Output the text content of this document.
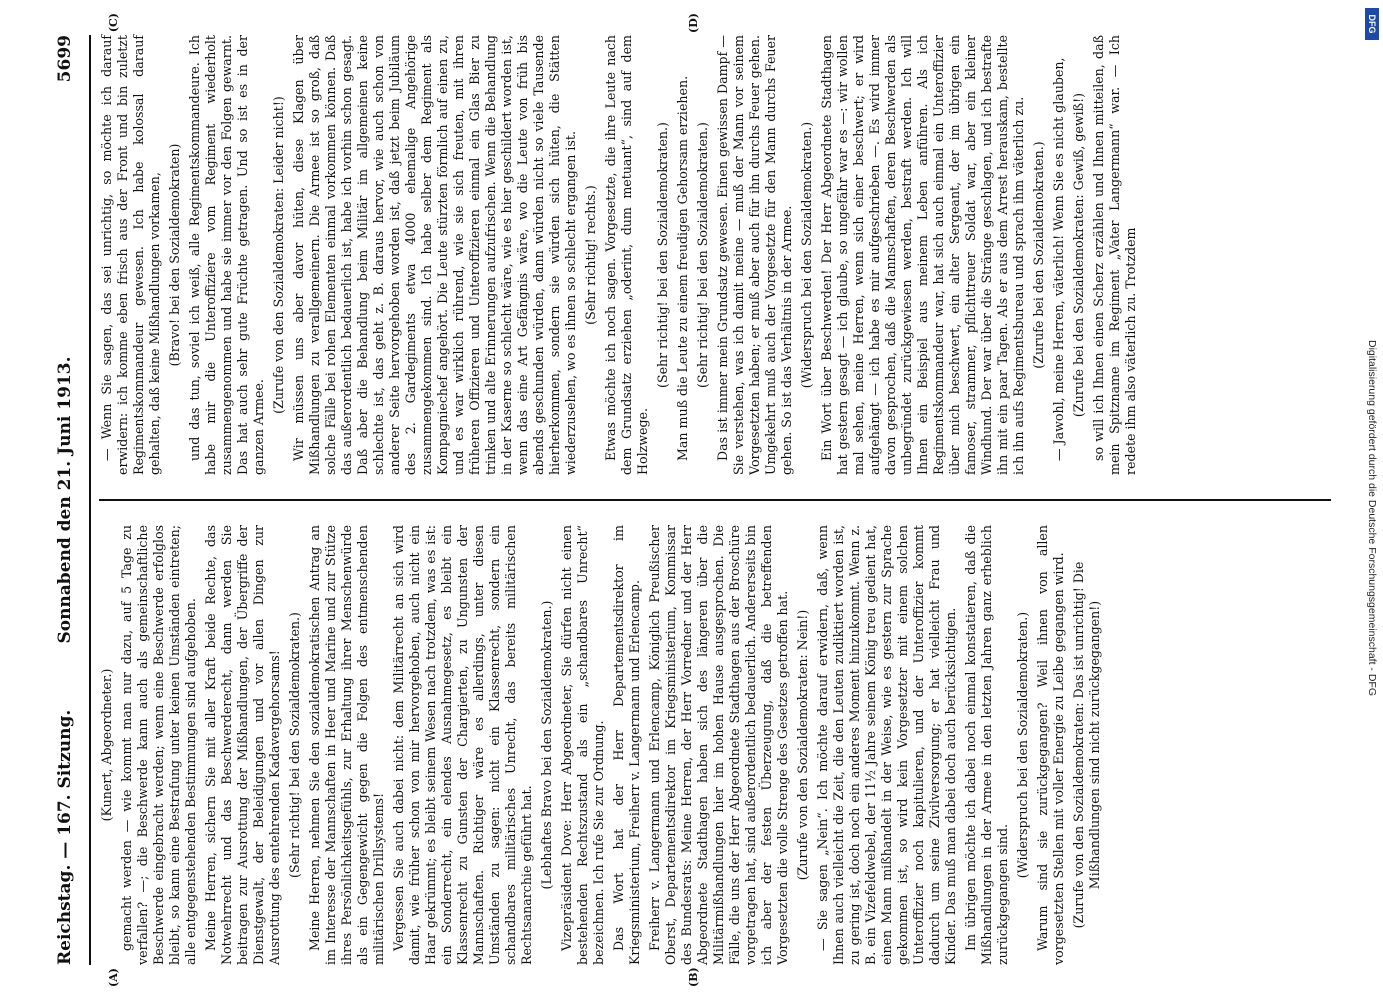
Reichstag. — 167. Sitzung.
Sonnabend den 21. Juni 1913.
5699

(Kunert, Abgeordneter.) gemacht werden — wie kommt man nur dazu, auf 5 Tage zu verfallen? —; die Beschwerde kann auch als gemeinschaftliche Beschwerde eingebracht werden; wenn eine Beschwerde erfolglos bleibt, so kann eine Bestrafung unter keinen Umständen eintreten; alle entgegenstehenden Bestimmungen sind aufgehoben. Meine Herren, sichern Sie mit aller Kraft beide Rechte, das Notwehrrecht und das Beschwerderecht, dann werden Sie beitragen zur Ausrottung der Mißhandlungen, der Übergriffe der Dienstgewalt, der Beleidigungen und vor allen Dingen zur Ausrottung des entehrenden Kadavergehorsams! (Sehr richtig! bei den Sozialdemokraten.) Meine Herren, nehmen Sie den sozialdemokratischen Antrag an im Interesse der Mannschaften in Heer und Marine und zur Stütze ihres Persönlichkeitsgefühls, zur Erhaltung ihrer Menschenwürde als ein Gegengewicht gegen die Folgen des entmenschenden militärischen Drillsystems! Vergessen Sie auch dabei nicht: dem Militärrecht an sich wird damit, wie früher schon von mir hervorgehoben, auch nicht ein Haar gekrümmt; es bleibt seinem Wesen nach trotzdem, was es ist: ein Sonderrecht, ein elendes Ausnahmegesetz, es bleibt ein Klassenrecht zu Gunsten der Chargierten, zu Ungunsten der Mannschaften. Richtiger wäre es allerdings, unter diesen Umständen zu sagen: nicht ein Klassenrecht, sondern ein schandbares militärisches Unrecht, das bereits militärischen Rechtsanarchie geführt hat. (Lebhaftes Bravo bei den Sozialdemokraten.) Vizepräsident Dove: Herr Abgeordneter, Sie dürfen nicht einen bestehenden Rechtszustand als ein „schandbares Unrecht“ bezeichnen. Ich rufe Sie zur Ordnung. Das Wort hat der Herr Departementsdirektor im Kriegsministerium, Freiherr v. Langermann und Erlencamp. Freiherr v. Langermann und Erlencamp, Königlich Preußischer Oberst, Departementsdirektor im Kriegsministerium, Kommissar des Bundesrats: Meine Herren, der Herr Vorredner und der Herr Abgeordnete Stadthagen haben sich des längeren über die Militärmißhandlungen hier im hohen Hause ausgesprochen. Die Fälle, die uns der Herr Abgeordnete Stadthagen aus der Broschüre vorgetragen hat, sind außerordentlich bedauerlich. Andererseits bin ich aber der festen Überzeugung, daß die betreffenden Vorgesetzten die volle Strenge des Gesetzes getroffen hat. (Zurufe von den Sozialdemokraten: Nein!) — Sie sagen „Nein“. Ich möchte darauf erwidern, daß, wenn Ihnen auch vielleicht die Zeit, die den Leuten zudiktiert worden ist, zu gering ist, doch noch ein anderes Moment hinzukommt. Wenn z. B. ein Vizefeldwebel, der 11½ Jahre seinem König treu gedient hat, einen Mann mißhandelt in der Weise, wie es gestern zur Sprache gekommen ist, so wird kein Vorgesetzter mit einem solchen Unteroffizier noch kapitulieren, und der Unteroffizier kommt dadurch um seine Zivilversorgung; er hat vielleicht Frau und Kinder. Das muß man dabei doch auch berücksichtigen. Im übrigen möchte ich dabei noch einmal konstatieren, daß die Mißhandlungen in der Armee in den letzten Jahren ganz erheblich zurückgegangen sind.

(Widerspruch bei den Sozialdemokraten.) Warum sind sie zurückgegangen? Weil ihnen von allen vorgesetzten Stellen mit voller Energie zu Leibe gegangen wird. (Zurufe von den Sozialdemokraten: Das ist unrichtig! Die Mißhandlungen sind nicht zurückgegangen!)

— Wenn Sie sagen, das sei unrichtig, so möchte ich darauf erwidern: ich komme eben frisch aus der Front und bin zuletzt Regimentskommandeur gewesen. Ich habe kolossal darauf gehalten, daß keine Mißhandlungen vorkamen, (Bravo! bei den Sozialdemokraten) und das tun, soviel ich weiß, alle Regimentskommandeure. Ich habe mir die Unteroffiziere vom Regiment wiederholt zusammengenommen und habe sie immer vor den Folgen gewarnt. Das hat auch sehr gute Früchte getragen. Und so ist es in der ganzen Armee.

(Zurufe von den Sozialdemokraten: Leider nicht!) Wir müssen uns aber davor hüten, diese Klagen über Mißhandlungen zu verallgemeinern. Die Armee ist so groß, daß solche Fälle bei rohen Elementen einmal vorkommen können. Daß das außerordentlich bedauerlich ist, habe ich vorhin schon gesagt. Daß aber die Behandlung beim Militär im allgemeinen keine schlechte ist, das geht z. B. daraus hervor, wie auch schon von anderer Seite hervorgehoben worden ist, daß jetzt beim Jubiläum des 2. Gardegiments etwa 4000 ehemalige Angehörige zusammengekommen sind. Ich habe selber dem Regiment als Kompagniechef angehört. Die Leute stürzten förmlich auf einen zu, und es war wirklich rührend, wie sie sich freuten, mit ihren früheren Offizieren und Unteroffizieren einmal ein Glas Bier zu trinken und alte Erinnerungen aufzufrischen. Wenn die Behandlung in der Kaserne so schlecht wäre, wie es hier geschildert worden ist, wenn das eine Art Gefängnis wäre, wo die Leute von früh bis abends geschunden würden, dann würden nicht so viele Tausende hierherkommen, sondern sie würden sich hüten, die Stätten wiederzusehen, wo es ihnen so schlecht ergangen ist. (Sehr richtig! rechts.) Etwas möchte ich noch sagen. Vorgesetzte, die ihre Leute nach dem Grundsatz erziehen „oderint, dum metuant“, sind auf dem Holzwege.

(Sehr richtig! bei den Sozialdemokraten.) Man muß die Leute zu einem freudigen Gehorsam erziehen. (Sehr richtig! bei den Sozialdemokraten.) Das ist immer mein Grundsatz gewesen. Einen gewissen Dampf — Sie verstehen, was ich damit meine — muß der Mann vor seinem Vorgesetzten haben; er muß aber auch für ihn durchs Feuer gehen. Umgekehrt muß auch der Vorgesetzte für den Mann durchs Feuer gehen. So ist das Verhältnis in der Armee. (Widerspruch bei den Sozialdemokraten.) Ein Wort über Beschwerden! Der Herr Abgeordnete Stadthagen hat gestern gesagt — ich glaube, so ungefähr war es —: wir wollen mal sehen, meine Herren, wenn sich einer beschwert; er wird aufgehängt — ich habe es mir aufgeschrieben —. Es wird immer davon gesprochen, daß die Mannschaften, deren Beschwerden als unbegründet zurückgewiesen werden, bestraft werden. Ich will Ihnen ein Beispiel aus meinem Leben anführen. Als ich Regimentskommandeur war, hat sich auch einmal ein Unteroffizier über mich beschwert, ein alter Sergeant, der im übrigen ein famoser, strammer, pflichttreuer Soldat war, aber ein kleiner Windhund. Der war über die Stränge geschlagen, und ich bestrafte ihn mit ein paar Tagen. Als er aus dem Arrest herauskam, bestellte ich ihn aufs Regimentsbureau und sprach ihm väterlich zu. (Zurufe bei den Sozialdemokraten.) — Jawohl, meine Herren, väterlich! Wenn Sie es nicht glauben, (Zurufe bei den Sozialdemokraten: Gewiß, gewiß!) so will ich Ihnen einen Scherz erzählen und Ihnen mitteilen, daß mein Spitzname im Regiment „Vater Langermann“ war. — Ich redete ihm also väterlich zu. Trotzdem

(A)	(B)
(C)	(D)	DFG
Digitalisierung gefördert durch die Deutsche Forschungsgemeinschaft - DFG
